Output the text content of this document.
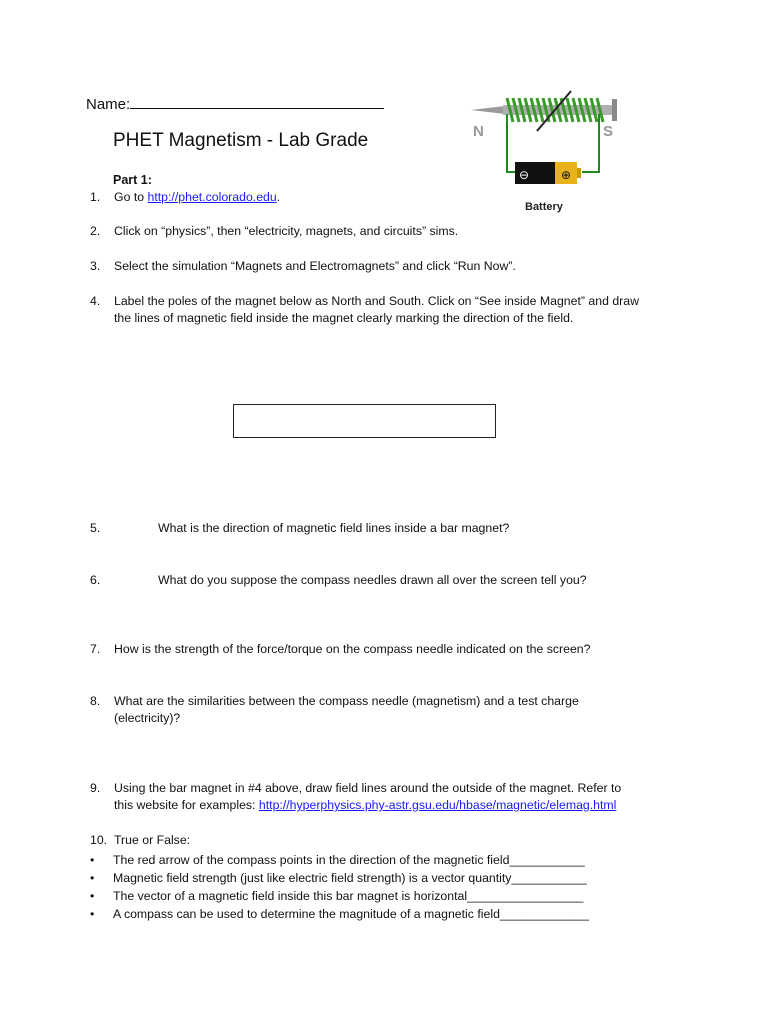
Name:
PHET Magnetism - Lab Grade
Part 1:	⊖	⊕
Battery
N	S
1. Go to http://phet.colorado.edu.
2. Click on “physics”, then “electricity, magnets, and circuits” sims.
3. Select the simulation “Magnets and Electromagnets” and click “Run Now”.
4. Label the poles of the magnet below as North and South. Click on “See inside Magnet” and draw
the lines of magnetic field inside the magnet clearly marking the direction of the field.
5.	What is the direction of magnetic field lines inside a bar magnet?
6.	What do you suppose the compass needles drawn all over the screen tell you?
7. How is the strength of the force/torque on the compass needle indicated on the screen?
8. What are the similarities between the compass needle (magnetism) and a test charge
(electricity)?
9. Using the bar magnet in #4 above, draw field lines around the outside of the magnet. Refer to
this website for examples: http://hyperphysics.phy-astr.gsu.edu/hbase/magnetic/elemag.html
10. True or False:
• The red arrow of the compass points in the direction of the magnetic field___________
• Magnetic field strength (just like electric field strength) is a vector quantity___________
• The vector of a magnetic field inside this bar magnet is horizontal_________________
• A compass can be used to determine the magnitude of a magnetic field_____________
